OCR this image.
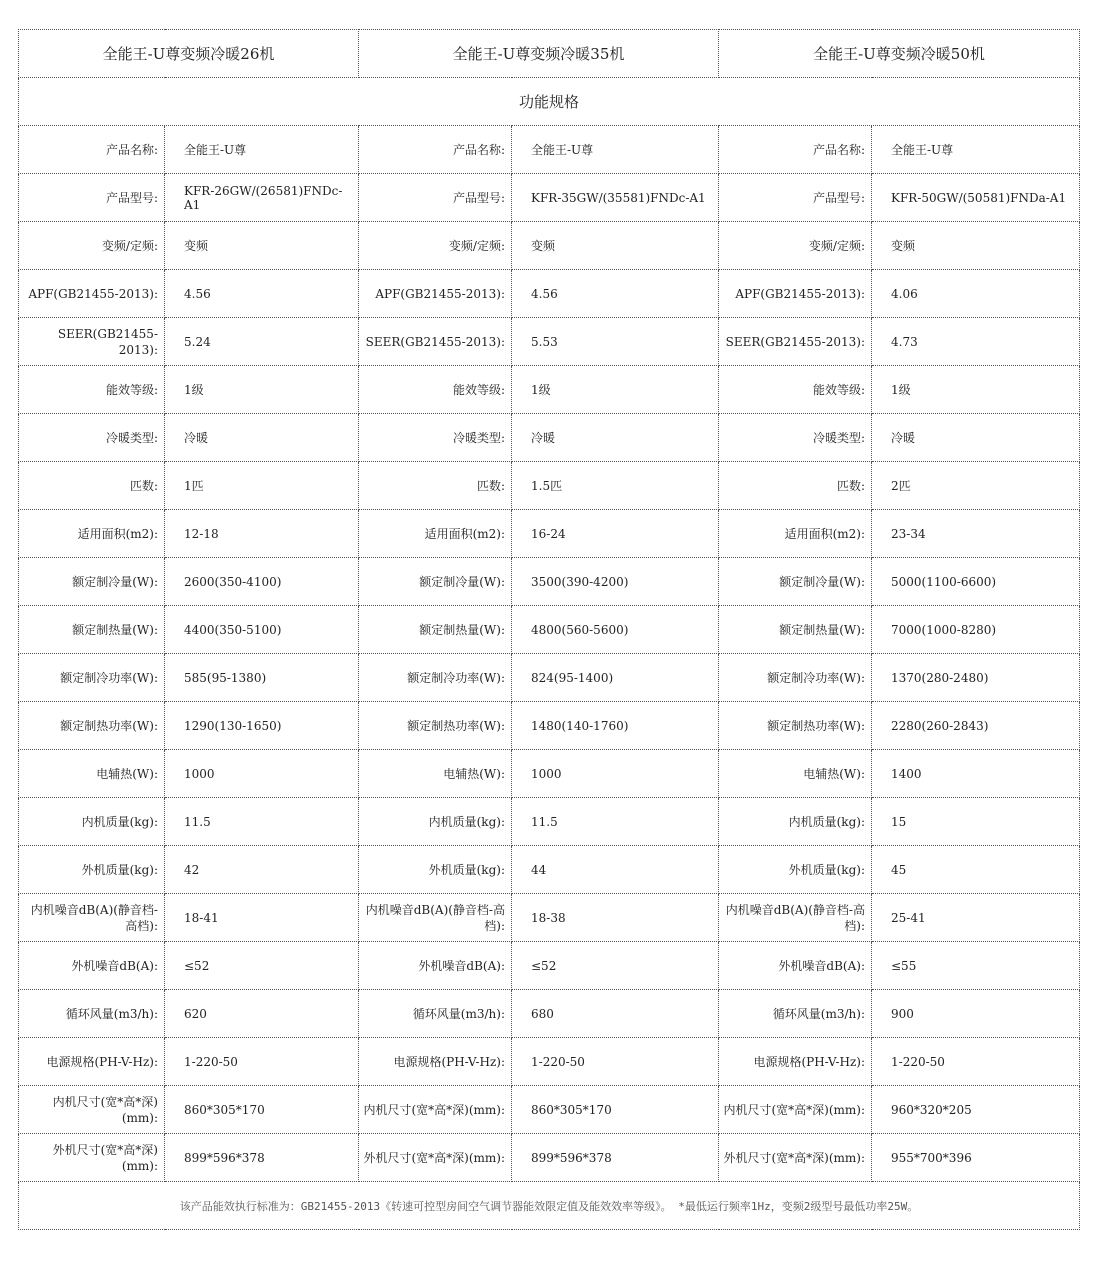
全能王-U尊变频冷暖26机		全能王-U尊变频冷暖35机		全能王-U尊变频冷暖50机	
功能规格					
产品名称:	全能王-U尊	产品名称:	全能王-U尊	产品名称:	全能王-U尊
产品型号:	KFR-26GW/(26581)FNDc-A1	产品型号:	KFR-35GW/(35581)FNDc-A1	产品型号:	KFR-50GW/(50581)FNDa-A1
变频/定频:	变频	变频/定频:	变频	变频/定频:	变频
APF(GB21455-2013):	4.56	APF(GB21455-2013):	4.56	APF(GB21455-2013):	4.06
SEER(GB21455-2013):	5.24	SEER(GB21455-2013):	5.53	SEER(GB21455-2013):	4.73
能效等级:	1级	能效等级:	1级	能效等级:	1级
冷暖类型:	冷暖	冷暖类型:	冷暖	冷暖类型:	冷暖
匹数:	1匹	匹数:	1.5匹	匹数:	2匹
适用面积(m2):	12-18	适用面积(m2):	16-24	适用面积(m2):	23-34
额定制冷量(W):	2600(350-4100)	额定制冷量(W):	3500(390-4200)	额定制冷量(W):	5000(1100-6600)
额定制热量(W):	4400(350-5100)	额定制热量(W):	4800(560-5600)	额定制热量(W):	7000(1000-8280)
额定制冷功率(W):	585(95-1380)	额定制冷功率(W):	824(95-1400)	额定制冷功率(W):	1370(280-2480)
额定制热功率(W):	1290(130-1650)	额定制热功率(W):	1480(140-1760)	额定制热功率(W):	2280(260-2843)
电辅热(W):	1000	电辅热(W):	1000	电辅热(W):	1400
内机质量(kg):	11.5	内机质量(kg):	11.5	内机质量(kg):	15
外机质量(kg):	42	外机质量(kg):	44	外机质量(kg):	45
内机噪音dB(A)(静音档-高档):	18-41	内机噪音dB(A)(静音档-高档):	18-38	内机噪音dB(A)(静音档-高档):	25-41
外机噪音dB(A):	≤52	外机噪音dB(A):	≤52	外机噪音dB(A):	≤55
循环风量(m3/h):	620	循环风量(m3/h):	680	循环风量(m3/h):	900
电源规格(PH-V-Hz):	1-220-50	电源规格(PH-V-Hz):	1-220-50	电源规格(PH-V-Hz):	1-220-50
内机尺寸(宽*高*深)(mm):	860*305*170	内机尺寸(宽*高*深)(mm):	860*305*170	内机尺寸(宽*高*深)(mm):	960*320*205
外机尺寸(宽*高*深)(mm):	899*596*378	外机尺寸(宽*高*深)(mm):	899*596*378	外机尺寸(宽*高*深)(mm):	955*700*396
该产品能效执行标准为：GB21455-2013《转速可控型房间空气调节器能效限定值及能效效率等级》。 *最低运行频率1Hz，变频2级型号最低功率25W。					
